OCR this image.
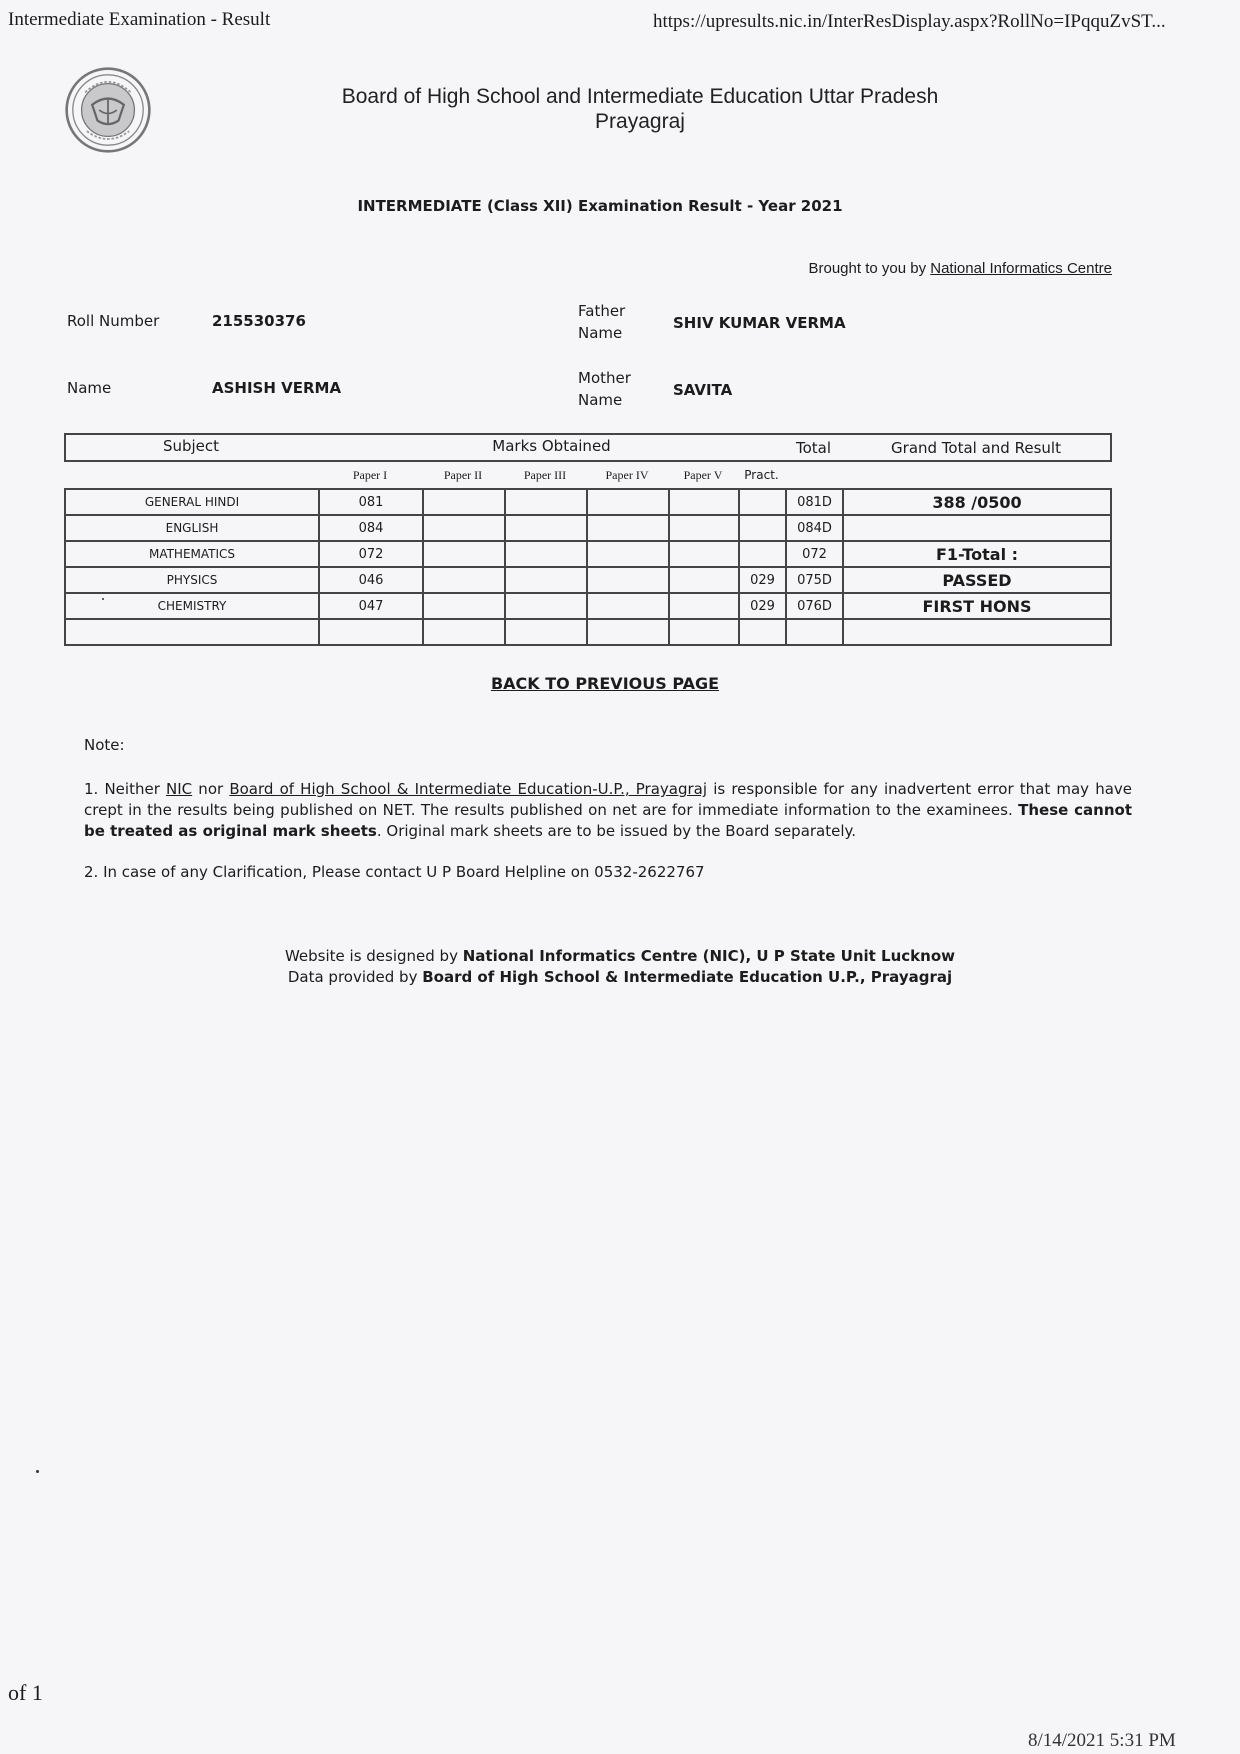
Intermediate Examination - Result	https://upresults.nic.in/InterResDisplay.aspx?RollNo=IPqquZvST...
Board of High School and Intermediate Education Uttar Pradesh
Prayagraj
INTERMEDIATE (Class XII) Examination Result - Year 2021
Brought to you by National Informatics Centre
Roll Number	215530376
Father
Name
SHIV KUMAR VERMA
Name	ASHISH VERMA
Mother
Name
SAVITA
Subject	Marks Obtained	Total	Grand Total and Result
Paper I	Paper II	Paper III	Paper IV	Paper V	Pract.
GENERAL HINDI	081						081D	388 /0500
ENGLISH	084						084D	
MATHEMATICS	072						072	F1-Total :
PHYSICS	046					029	075D	PASSED
CHEMISTRY	047					029	076D	FIRST HONS

BACK TO PREVIOUS PAGE
Note:
1. Neither NIC nor Board of High School & Intermediate Education-U.P., Prayagraj is responsible for any inadvertent error that may have crept in the results being published on NET. The results published on net are for immediate information to the examinees. These cannot be treated as original mark sheets. Original mark sheets are to be issued by the Board separately.
2. In case of any Clarification, Please contact U P Board Helpline on 0532-2622767
Website is designed by National Informatics Centre (NIC), U P State Unit Lucknow
Data provided by Board of High School & Intermediate Education U.P., Prayagraj
of 1
8/14/2021 5:31 PM
